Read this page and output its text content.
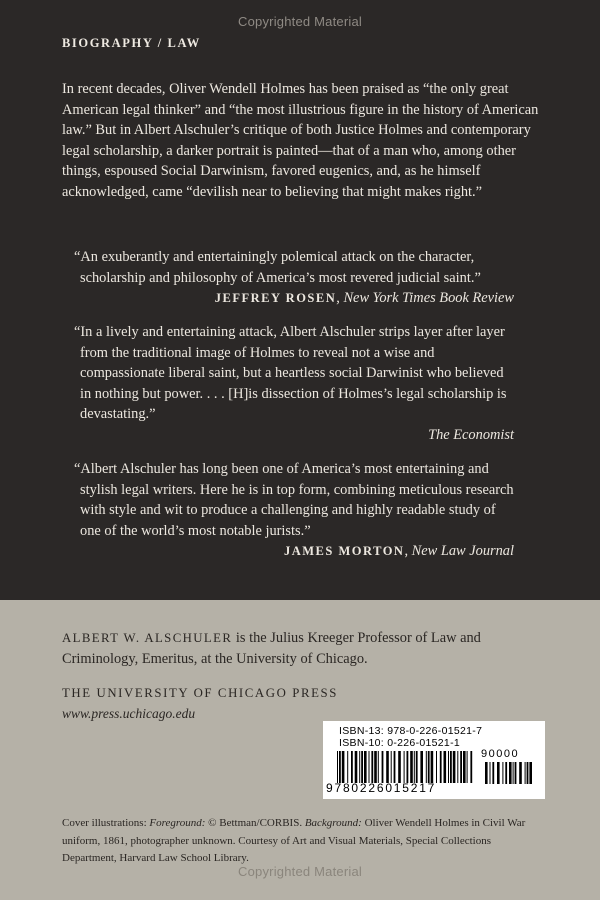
Copyrighted Material
BIOGRAPHY / LAW

In recent decades, Oliver Wendell Holmes has been praised as “the only great American legal thinker” and “the most illustrious figure in the history of American law.” But in Albert Alschuler’s critique of both Justice Holmes and contemporary legal scholarship, a darker portrait is painted—that of a man who, among other things, espoused Social Darwinism, favored eugenics, and, as he himself acknowledged, came “devilish near to believing that might makes right.”

“An exuberantly and entertainingly polemical attack on the character, scholarship and philosophy of America’s most revered judicial saint.”

JEFFREY ROSEN, New York Times Book Review

“In a lively and entertaining attack, Albert Alschuler strips layer after layer from the traditional image of Holmes to reveal not a wise and compassionate liberal saint, but a heartless social Darwinist who believed in nothing but power. . . . [H]is dissection of Holmes’s legal scholarship is devastating.”

The Economist

“Albert Alschuler has long been one of America’s most entertaining and stylish legal writers. Here he is in top form, combining meticulous research with style and wit to produce a challenging and highly readable study of one of the world’s most notable jurists.”

JAMES MORTON, New Law Journal

ALBERT W. ALSCHULER is the Julius Kreeger Professor of Law and Criminology, Emeritus, at the University of Chicago.

THE UNIVERSITY OF CHICAGO PRESS
www.press.uchicago.edu
ISBN-13: 978-0-226-01521-7
ISBN-10: 0-226-01521-1
90000
9780226015217

Cover illustrations: Foreground: © Bettman/CORBIS. Background: Oliver Wendell Holmes in Civil War uniform, 1861, photographer unknown. Courtesy of Art and Visual Materials, Special Collections Department, Harvard Law School Library.

Copyrighted Material
